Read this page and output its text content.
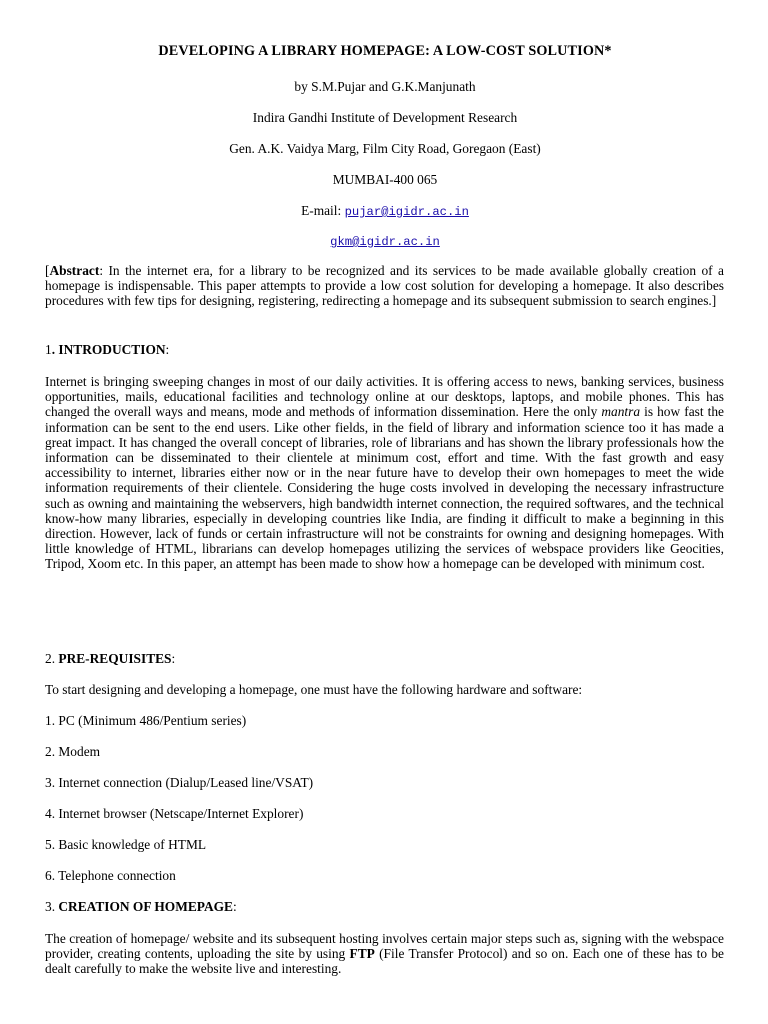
DEVELOPING A LIBRARY HOMEPAGE: A LOW-COST SOLUTION*
by S.M.Pujar and G.K.Manjunath
Indira Gandhi Institute of Development Research
Gen. A.K. Vaidya Marg, Film City Road, Goregaon (East)
MUMBAI-400 065
E-mail: pujar@igidr.ac.in
gkm@igidr.ac.in

[Abstract: In the internet era, for a library to be recognized and its services to be made available globally creation of a homepage is indispensable. This paper attempts to provide a low cost solution for developing a homepage. It also describes procedures with few tips for designing, registering, redirecting a homepage and its subsequent submission to search engines.]

1. INTRODUCTION:

Internet is bringing sweeping changes in most of our daily activities. It is offering access to news, banking services, business opportunities, mails, educational facilities and technology online at our desktops, laptops, and mobile phones. This has changed the overall ways and means, mode and methods of information dissemination. Here the only mantra is how fast the information can be sent to the end users. Like other fields, in the field of library and information science too it has made a great impact. It has changed the overall concept of libraries, role of librarians and has shown the library professionals how the information can be disseminated to their clientele at minimum cost, effort and time. With the fast growth and easy accessibility to internet, libraries either now or in the near future have to develop their own homepages to meet the wide information requirements of their clientele. Considering the huge costs involved in developing the necessary infrastructure such as owning and maintaining the webservers, high bandwidth internet connection, the required softwares, and the technical know-how many libraries, especially in developing countries like India, are finding it difficult to make a beginning in this direction. However, lack of funds or certain infrastructure will not be constraints for owning and designing homepages. With little knowledge of HTML, librarians can develop homepages utilizing the services of webspace providers like Geocities, Tripod, Xoom etc. In this paper, an attempt has been made to show how a homepage can be developed with minimum cost.

2. PRE-REQUISITES:
To start designing and developing a homepage, one must have the following hardware and software:
1. PC (Minimum 486/Pentium series)
2. Modem
3. Internet connection (Dialup/Leased line/VSAT)
4. Internet browser (Netscape/Internet Explorer)
5. Basic knowledge of HTML
6. Telephone connection
3. CREATION OF HOMEPAGE:

The creation of homepage/ website and its subsequent hosting involves certain major steps such as, signing with the webspace provider, creating contents, uploading the site by using FTP (File Transfer Protocol) and so on. Each one of these has to be dealt carefully to make the website live and interesting.
